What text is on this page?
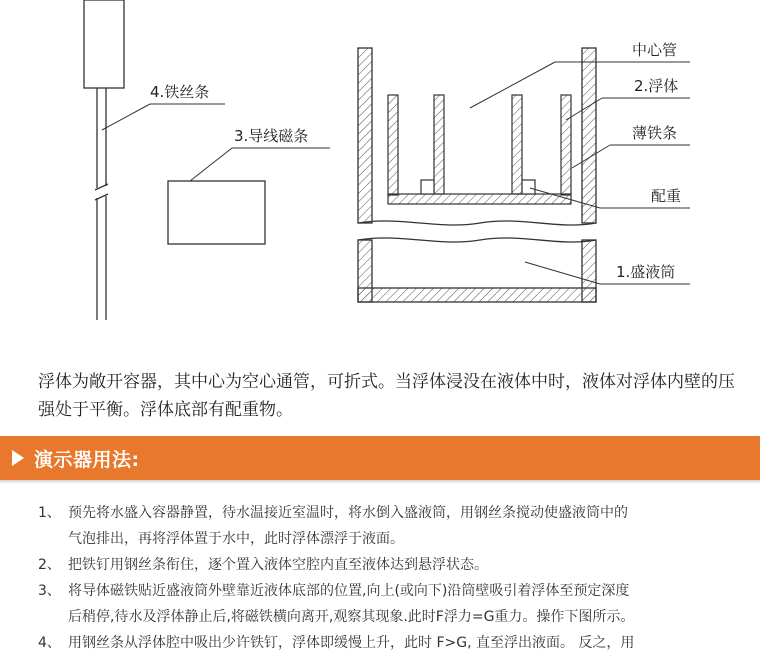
4.铁丝条
3.导线磁条
中心管
2.浮体
薄铁条
配重
1.盛液筒

浮体为敞开容器，其中心为空心通管，可折式。当浮体浸没在液体中时，液体对浮体内壁的压强处于平衡。浮体底部有配重物。

演示器用法:

1、 预先将水盛入容器静置，待水温接近室温时，将水倒入盛液筒，用钢丝条搅动使盛液筒中的
气泡排出，再将浮体置于水中，此时浮体漂浮于液面。

2、 把铁钉用钢丝条衔住，逐个置入液体空腔内直至液体达到悬浮状态。

3、 将导体磁铁贴近盛液筒外壁靠近液体底部的位置,向上(或向下)沿筒壁吸引着浮体至预定深度
后稍停,待水及浮体静止后,将磁铁横向离开,观察其现象.此时F浮力=G重力。操作下图所示。

4、 用钢丝条从浮体腔中吸出少许铁钉，浮体即缓慢上升，此时 F>G, 直至浮出液面。 反之，用
